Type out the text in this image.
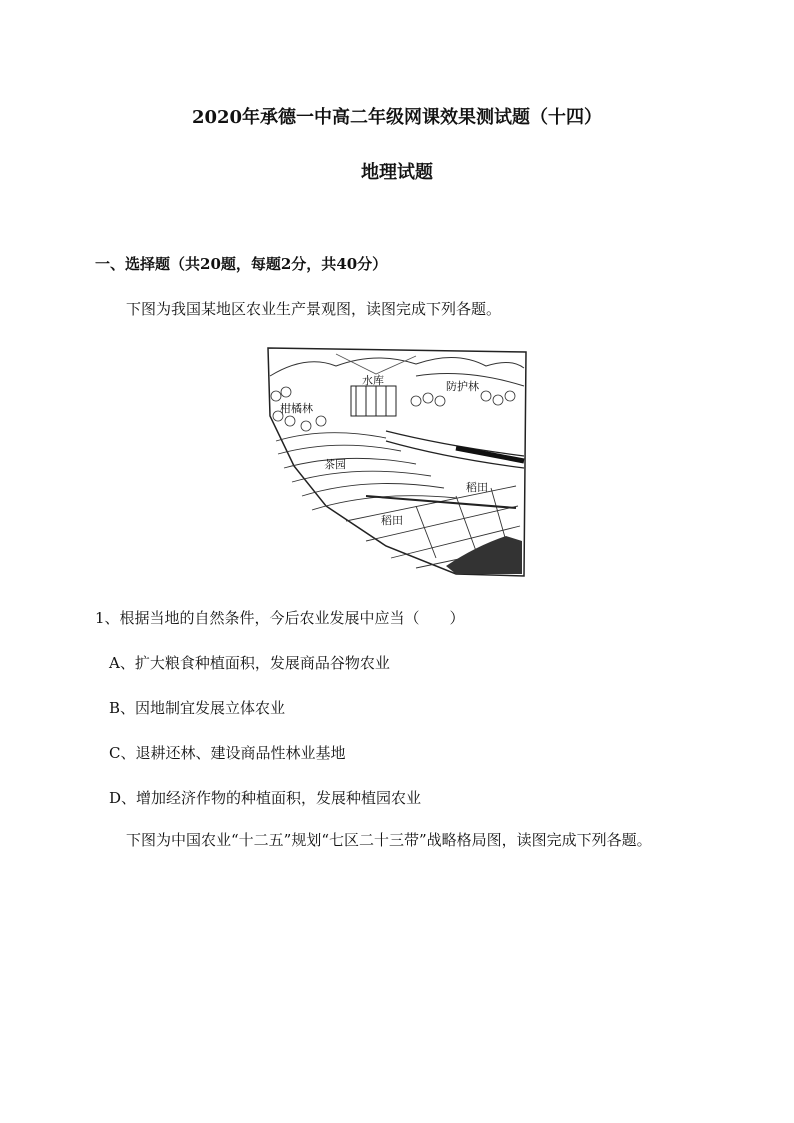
2020年承德一中高二年级网课效果测试题（十四）
地理试题
一、选择题（共20题，每题2分，共40分）
下图为我国某地区农业生产景观图，读图完成下列各题。
水库	防护林
柑橘林
茶园
稻田
稻田
1、根据当地的自然条件，今后农业发展中应当（　　）
A、扩大粮食种植面积，发展商品谷物农业
B、因地制宜发展立体农业
C、退耕还林、建设商品性林业基地
D、增加经济作物的种植面积，发展种植园农业
下图为中国农业“十二五”规划“七区二十三带”战略格局图，读图完成下列各题。
